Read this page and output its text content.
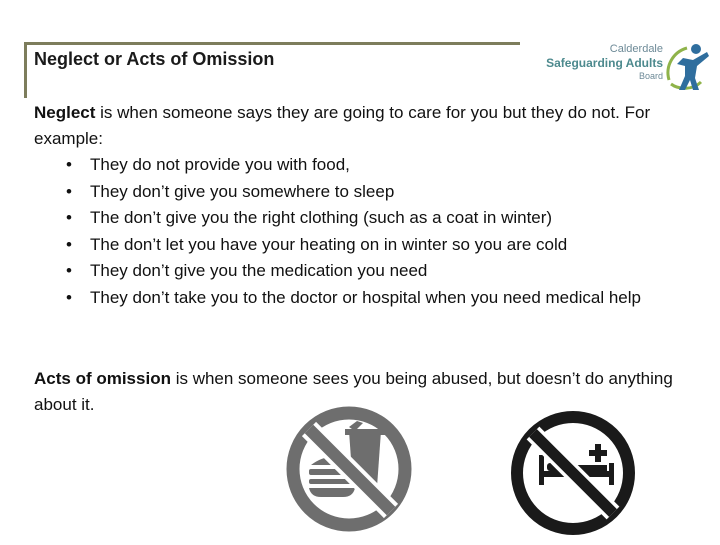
Neglect or Acts of Omission	Calderdale
Safeguarding Adults
Board
Neglect is when someone says they are going to care for you but they do not. For example:
• They do not provide you with food,
• They don’t give you somewhere to sleep
• The don’t give you the right clothing (such as a coat in winter)
• The don’t let you have your heating on in winter so you are cold
• They don’t give you the medication you need
• They don’t take you to the doctor or hospital when you need medical help
Acts of omission is when someone sees you being abused, but doesn’t do anything about it.
